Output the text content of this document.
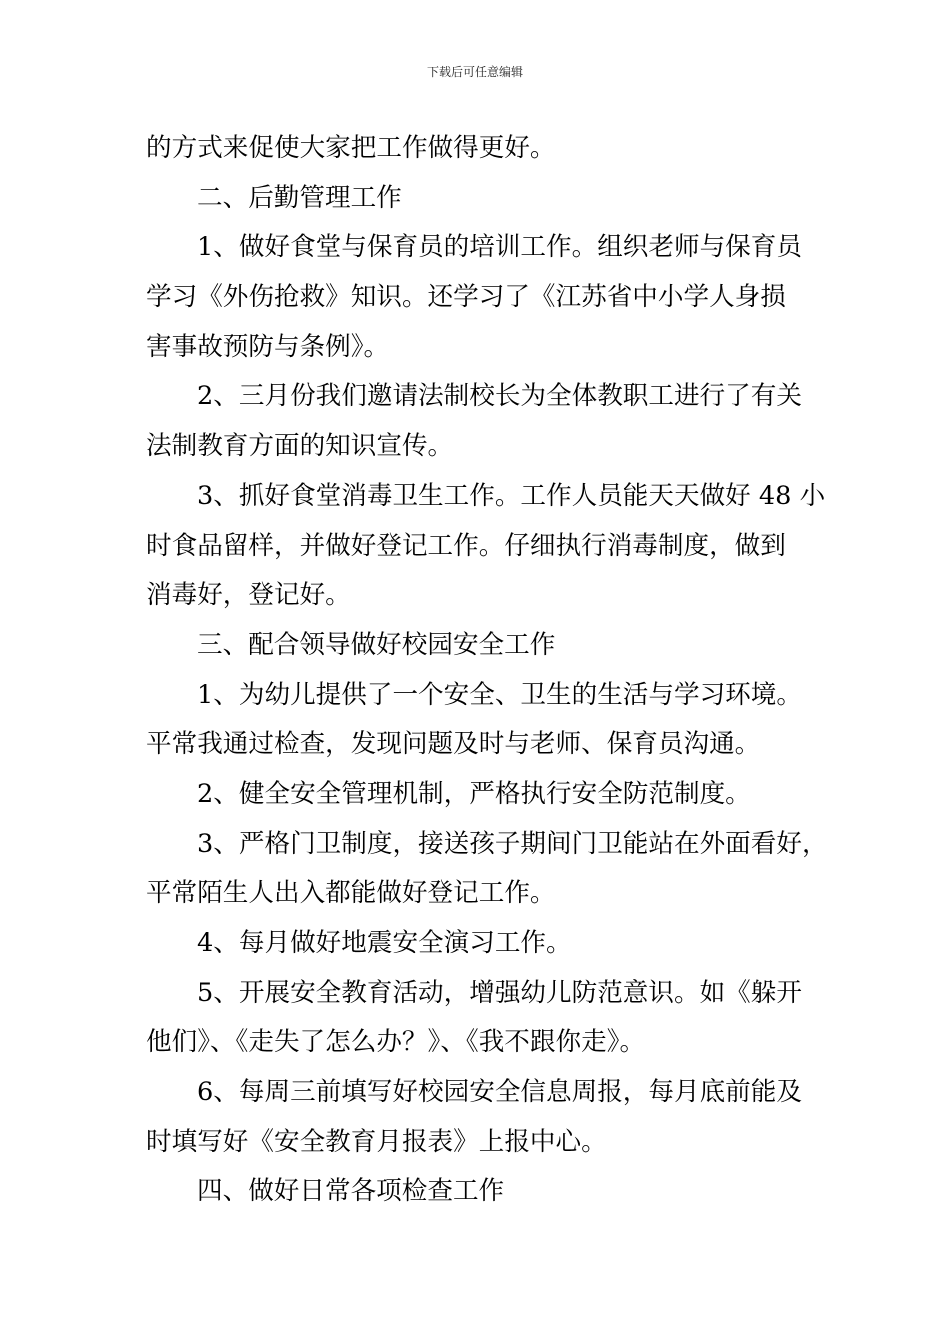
下载后可任意编辑
的方式来促使大家把工作做得更好。
二、后勤管理工作
1、做好食堂与保育员的培训工作。组织老师与保育员
学习《外伤抢救》知识。还学习了《江苏省中小学人身损
害事故预防与条例》。
2、三月份我们邀请法制校长为全体教职工进行了有关
法制教育方面的知识宣传。
3、抓好食堂消毒卫生工作。工作人员能天天做好 48 小
时食品留样，并做好登记工作。仔细执行消毒制度，做到
消毒好，登记好。
三、配合领导做好校园安全工作
1、为幼儿提供了一个安全、卫生的生活与学习环境。
平常我通过检查，发现问题及时与老师、保育员沟通。
2、健全安全管理机制，严格执行安全防范制度。
3、严格门卫制度，接送孩子期间门卫能站在外面看好，
平常陌生人出入都能做好登记工作。
4、每月做好地震安全演习工作。
5、开展安全教育活动，增强幼儿防范意识。如《躲开
他们》、《走失了怎么办？》、《我不跟你走》。
6、每周三前填写好校园安全信息周报，每月底前能及
时填写好《安全教育月报表》上报中心。
四、做好日常各项检查工作
